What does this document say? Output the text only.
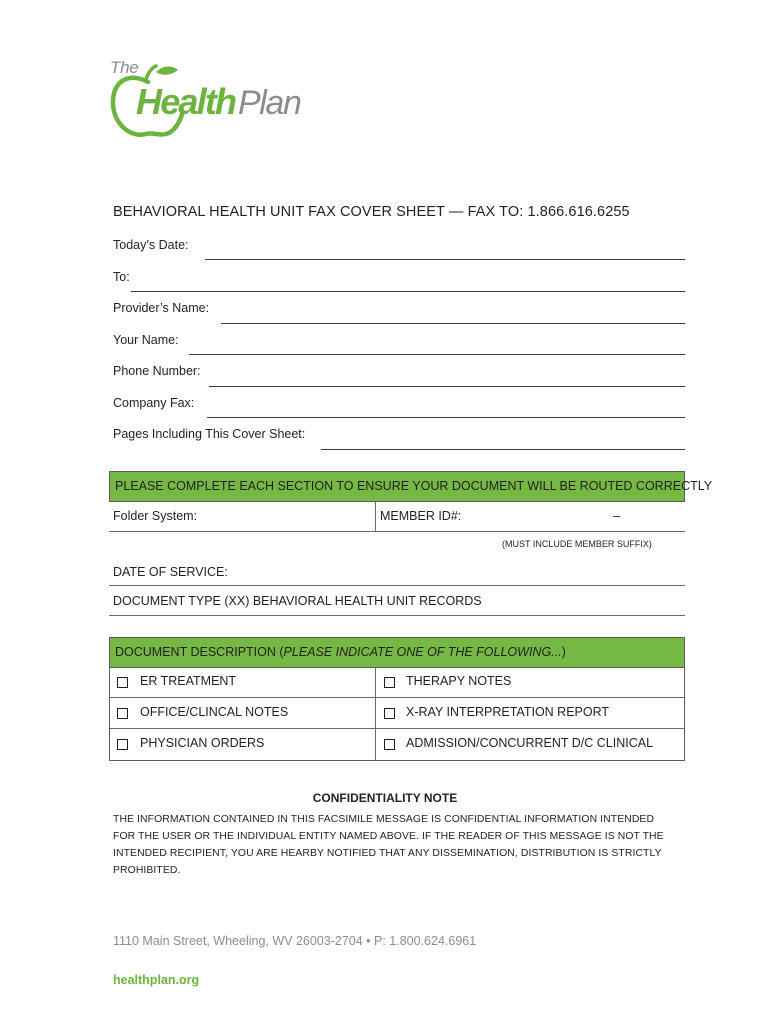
The
Health Plan
BEHAVIORAL HEALTH UNIT FAX COVER SHEET — FAX TO: 1.866.616.6255
Today’s Date:
To:
Provider’s Name:
Your Name:
Phone Number:
Company Fax:
Pages Including This Cover Sheet:
PLEASE COMPLETE EACH SECTION TO ENSURE YOUR DOCUMENT WILL BE ROUTED CORRECTLY
Folder System:	MEMBER ID#:	–
(MUST INCLUDE MEMBER SUFFIX)
DATE OF SERVICE:
DOCUMENT TYPE (XX) BEHAVIORAL HEALTH UNIT RECORDS
DOCUMENT DESCRIPTION (PLEASE INDICATE ONE OF THE FOLLOWING...)
ER TREATMENT	THERAPY NOTES
OFFICE/CLINCAL NOTES	X-RAY INTERPRETATION REPORT
PHYSICIAN ORDERS	ADMISSION/CONCURRENT D/C CLINICAL
CONFIDENTIALITY NOTE
THE INFORMATION CONTAINED IN THIS FACSIMILE MESSAGE IS CONFIDENTIAL INFORMATION INTENDED
FOR THE USER OR THE INDIVIDUAL ENTITY NAMED ABOVE. IF THE READER OF THIS MESSAGE IS NOT THE
INTENDED RECIPIENT, YOU ARE HEARBY NOTIFIED THAT ANY DISSEMINATION, DISTRIBUTION IS STRICTLY
PROHIBITED.
1110 Main Street, Wheeling, WV 26003-2704 • P: 1.800.624.6961
healthplan.org
